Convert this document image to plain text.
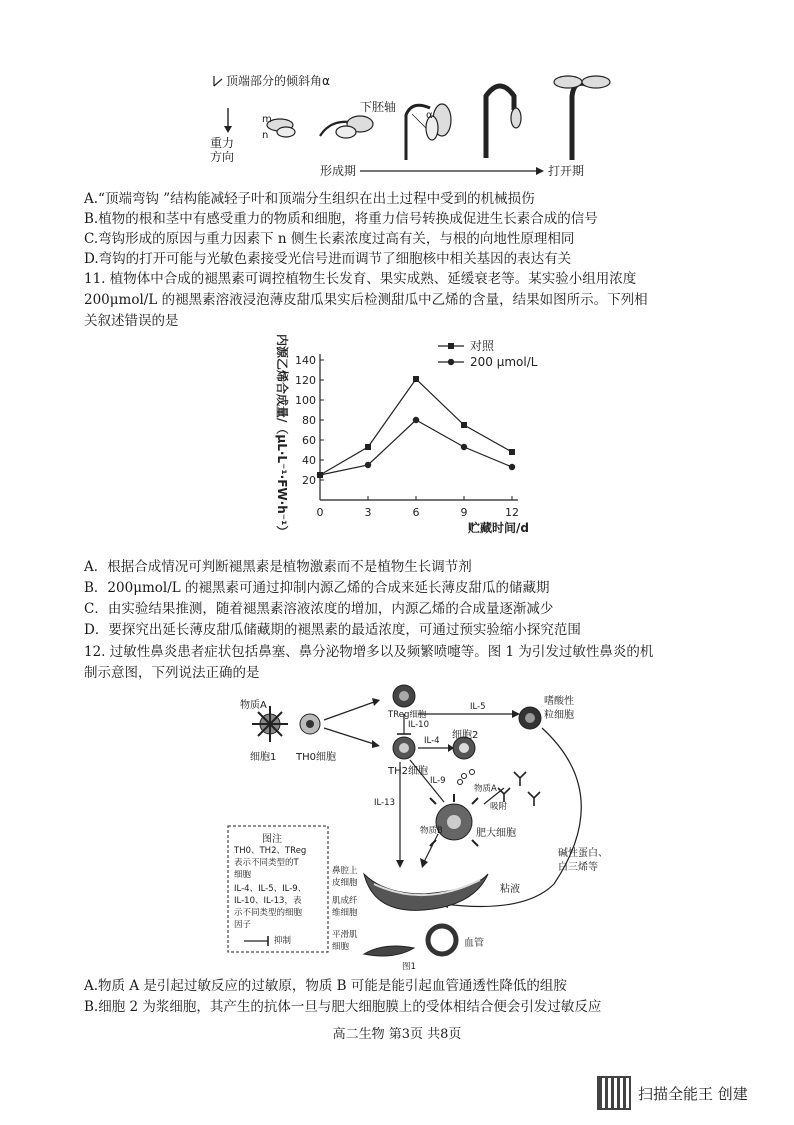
顶端部分的倾斜角α
重力
方向
m
n
下胚轴
α
形成期	打开期
A.“顶端弯钩 ”结构能减轻子叶和顶端分生组织在出土过程中受到的机械损伤
B.植物的根和茎中有感受重力的物质和细胞，将重力信号转换成促进生长素合成的信号
C.弯钩形成的原因与重力因素下 n 侧生长素浓度过高有关，与根的向地性原理相同
D.弯钩的打开可能与光敏色素接受光信号进而调节了细胞核中相关基因的表达有关
11. 植物体中合成的褪黑素可调控植物生长发育、果实成熟、延缓衰老等。某实验小组用浓度
200μmol/L 的褪黑素溶液浸泡薄皮甜瓜果实后检测甜瓜中乙烯的含量，结果如图所示。下列相
关叙述错误的是
内源乙烯合成量/（μL·L⁻¹·FW·h⁻¹）	贮藏时间/d
20
40
60
80
100
120
140
0	3	6	9	12
对照
200 μmol/L
A．根据合成情况可判断褪黑素是植物激素而不是植物生长调节剂
B．200μmol/L 的褪黑素可通过抑制内源乙烯的合成来延长薄皮甜瓜的储藏期
C．由实验结果推测，随着褪黑素溶液浓度的增加，内源乙烯的合成量逐渐减少
D．要探究出延长薄皮甜瓜储藏期的褪黑素的最适浓度，可通过预实验缩小探究范围
12. 过敏性鼻炎患者症状包括鼻塞、鼻分泌物增多以及频繁喷嚏等。图 1 为引发过敏性鼻炎的机
制示意图，下列说法正确的是
物质A
细胞1 TH0细胞
TReg细胞
IL-10
IL-5	嗜酸性
粒细胞
IL-4 细胞2
TH2细胞
IL-9
物质A
吸附
IL-13
物质B	肥大细胞
碱性蛋白、
白三烯等
图注
TH0、TH2、TReg
表示不同类型的T
细胞
IL-4、IL-5、IL-9、
IL-10、IL-13，表
示不同类型的细胞
因子
抑制
鼻腔上
皮细胞
粘液
肌成纤
维细胞
平滑肌
细胞	血管
图1
A.物质 A 是引起过敏反应的过敏原，物质 B 可能是能引起血管通透性降低的组胺
B.细胞 2 为浆细胞，其产生的抗体一旦与肥大细胞膜上的受体相结合便会引发过敏反应
高二生物 第3页 共8页
扫描全能王 创建
